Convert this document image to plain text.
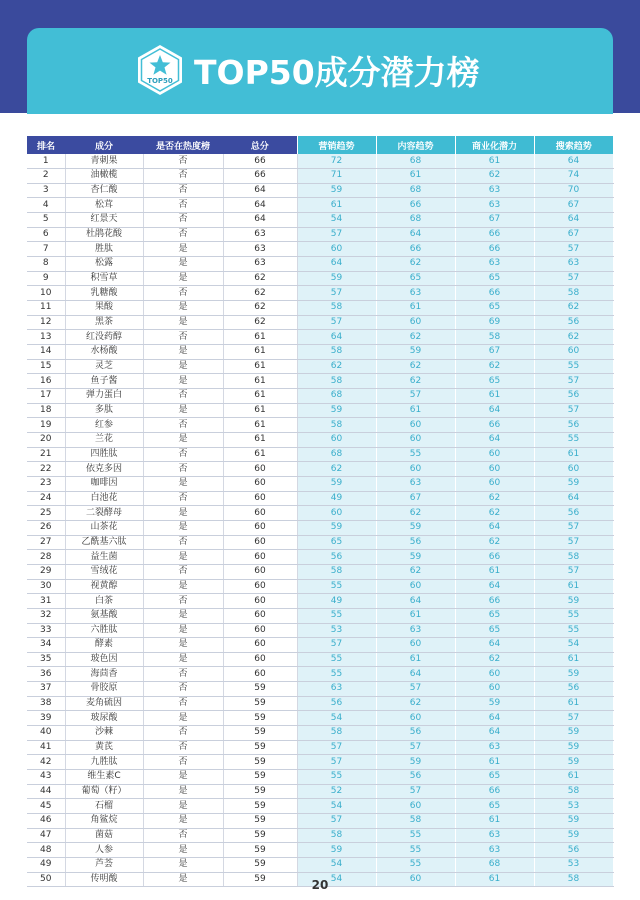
TOP50 TOP50成分潜力榜
排名	成分	是否在热度榜	总分	营销趋势	内容趋势	商业化潜力	搜索趋势
1	青刺果	否	66	72	68	61	64
2	油橄榄	否	66	71	61	62	74
3	杏仁酸	否	64	59	68	63	70
4	松茸	否	64	61	66	63	67
5	红景天	否	64	54	68	67	64
6	杜鹃花酸	否	63	57	64	66	67
7	胜肽	是	63	60	66	66	57
8	松露	是	63	64	62	63	63
9	积雪草	是	62	59	65	65	57
10	乳糖酸	否	62	57	63	66	58
11	果酸	是	62	58	61	65	62
12	黑茶	是	62	57	60	69	56
13	红没药醇	否	61	64	62	58	62
14	水杨酸	是	61	58	59	67	60
15	灵芝	是	61	62	62	62	55
16	鱼子酱	是	61	58	62	65	57
17	弹力蛋白	否	61	68	57	61	56
18	多肽	是	61	59	61	64	57
19	红参	否	61	58	60	66	56
20	兰花	是	61	60	60	64	55
21	四胜肽	否	61	68	55	60	61
22	依克多因	否	60	62	60	60	60
23	咖啡因	是	60	59	63	60	59
24	白池花	否	60	49	67	62	64
25	二裂酵母	是	60	60	62	62	56
26	山茶花	是	60	59	59	64	57
27	乙酰基六肽	否	60	65	56	62	57
28	益生菌	是	60	56	59	66	58
29	雪绒花	否	60	58	62	61	57
30	视黄醇	是	60	55	60	64	61
31	白茶	否	60	49	64	66	59
32	氨基酸	是	60	55	61	65	55
33	六胜肽	是	60	53	63	65	55
34	酵素	是	60	57	60	64	54
35	玻色因	是	60	55	61	62	61
36	海茴香	否	60	55	64	60	59
37	骨胶原	否	59	63	57	60	56
38	麦角硫因	否	59	56	62	59	61
39	玻尿酸	是	59	54	60	64	57
40	沙棘	否	59	58	56	64	59
41	黄芪	否	59	57	57	63	59
42	九胜肽	否	59	57	59	61	59
43	维生素C	是	59	55	56	65	61
44	葡萄（籽）	是	59	52	57	66	58
45	石榴	是	59	54	60	65	53
46	角鲨烷	是	59	57	58	61	59
47	菌菇	否	59	58	55	63	59
48	人参	是	59	59	55	63	56
49	芦荟	是	59	54	55	68	53
50	传明酸	是	59	54	60	61	58
20
